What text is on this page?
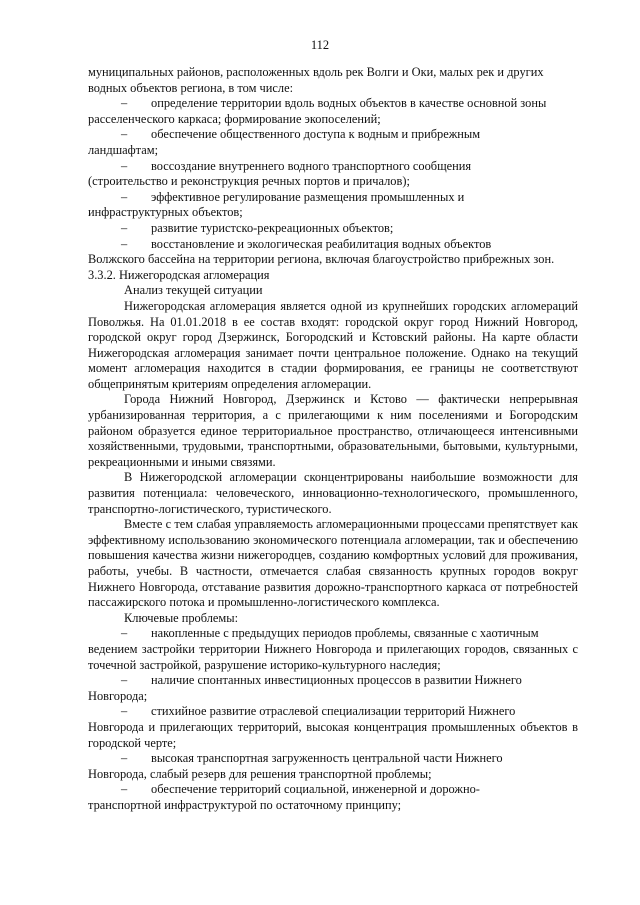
112

муниципальных районов, расположенных вдоль рек Волги и Оки, малых рек и других

водных объектов региона, в том числе:

–	определение территории вдоль водных объектов в качестве основной зоны

расселенческого каркаса; формирование экопоселений;

–	обеспечение общественного доступа к водным и прибрежным

ландшафтам;

–	воссоздание внутреннего водного транспортного сообщения

(строительство и реконструкция речных портов и причалов);

–	эффективное регулирование размещения промышленных и

инфраструктурных объектов;

–	развитие туристско-рекреационных объектов;
–	восстановление и экологическая реабилитация водных объектов

Волжского бассейна на территории региона, включая благоустройство прибрежных зон.

3.3.2. Нижегородская агломерация

Анализ текущей ситуации

Нижегородская агломерация является одной из крупнейших городских агломераций Поволжья. На 01.01.2018 в ее состав входят: городской округ город Нижний Новгород, городской округ город Дзержинск, Богородский и Кстовский районы. На карте области Нижегородская агломерация занимает почти центральное положение. Однако на текущий момент агломерация находится в стадии формирования, ее границы не соответствуют общепринятым критериям определения агломерации.

Города Нижний Новгород, Дзержинск и Кстово — фактически непрерывная урбанизированная территория, а с прилегающими к ним поселениями и Богородским районом образуется единое территориальное пространство, отличающееся интенсивными хозяйственными, трудовыми, транспортными, образовательными, бытовыми, культурными, рекреационными и иными связями.

В Нижегородской агломерации сконцентрированы наибольшие возможности для развития потенциала: человеческого, инновационно-технологического, промышленного, транспортно-логистического, туристического.

Вместе с тем слабая управляемость агломерационными процессами препятствует как эффективному использованию экономического потенциала агломерации, так и обеспечению повышения качества жизни нижегородцев, созданию комфортных условий для проживания, работы, учебы. В частности, отмечается слабая связанность крупных городов вокруг Нижнего Новгорода, отставание развития дорожно-транспортного каркаса от потребностей пассажирского потока и промышленно-логистического комплекса.

Ключевые проблемы:

–	накопленные с предыдущих периодов проблемы, связанные с хаотичным

ведением застройки территории Нижнего Новгорода и прилегающих городов, связанных с точечной застройкой, разрушение историко-культурного наследия;

–	наличие спонтанных инвестиционных процессов в развитии Нижнего

Новгорода;

–	стихийное развитие отраслевой специализации территорий Нижнего

Новгорода и прилегающих территорий, высокая концентрация промышленных объектов в городской черте;

–	высокая транспортная загруженность центральной части Нижнего

Новгорода, слабый резерв для решения транспортной проблемы;

–	обеспечение территорий социальной, инженерной и дорожно-

транспортной инфраструктурой по остаточному принципу;
